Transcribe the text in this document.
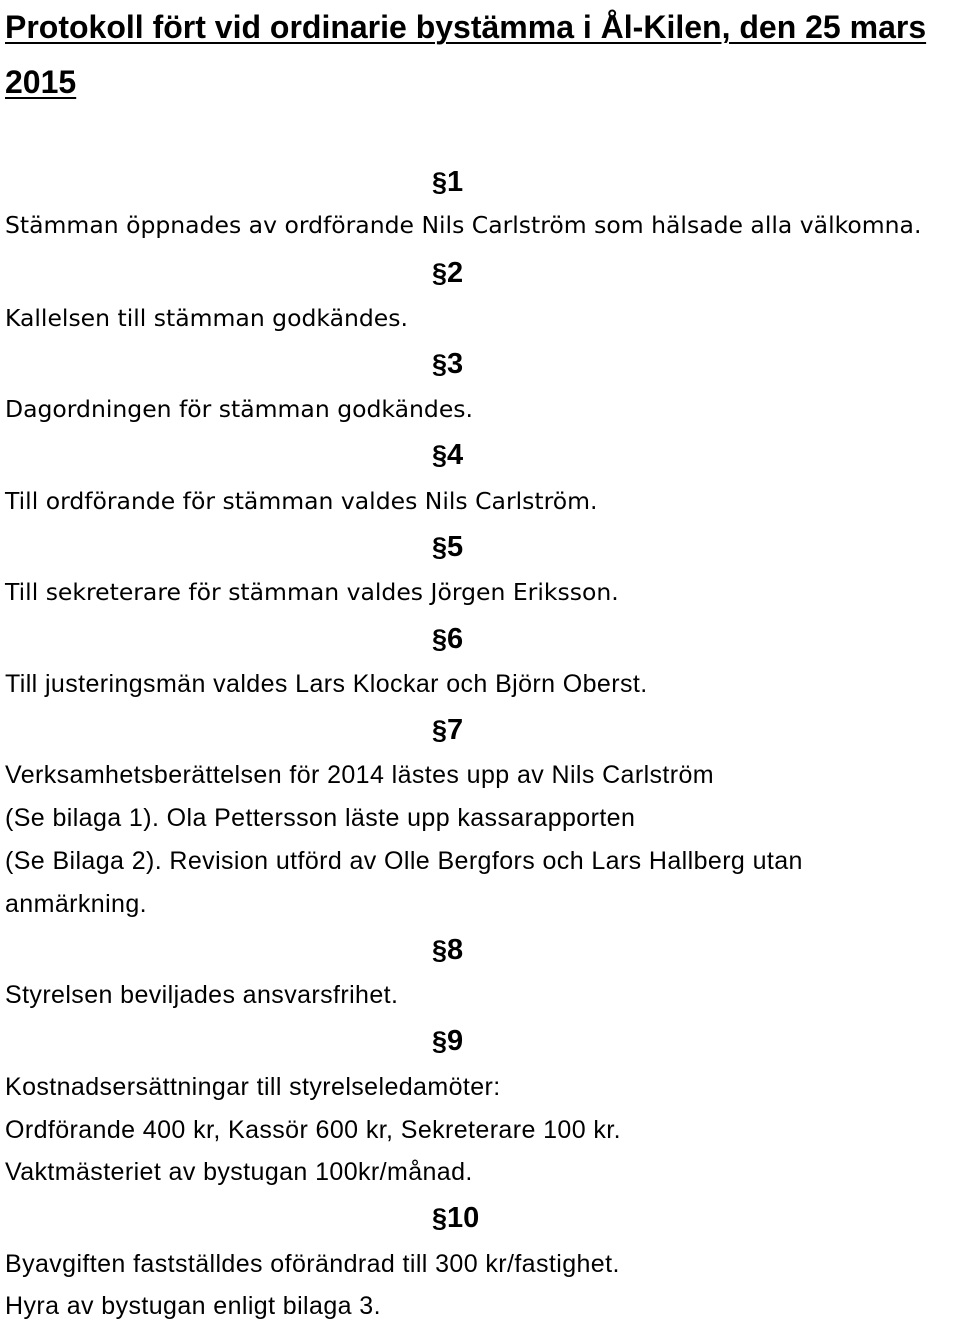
Protokoll fört vid ordinarie bystämma i Ål-Kilen, den 25 mars 2015
§1
Stämman öppnades av ordförande Nils Carlström som hälsade alla välkomna.
§2
Kallelsen till stämman godkändes.
§3
Dagordningen för stämman godkändes.
§4
Till ordförande för stämman valdes Nils Carlström.
§5
Till sekreterare för stämman valdes Jörgen Eriksson.
§6
Till justeringsmän valdes Lars Klockar och Björn Oberst.
§7
Verksamhetsberättelsen för 2014 lästes upp av Nils Carlström
(Se bilaga 1). Ola Pettersson läste upp kassarapporten
(Se Bilaga 2). Revision utförd av Olle Bergfors och Lars Hallberg utan
anmärkning.
§8
Styrelsen beviljades ansvarsfrihet.
§9
Kostnadsersättningar till styrelseledamöter:
Ordförande 400 kr, Kassör 600 kr, Sekreterare 100 kr.
Vaktmästeriet av bystugan 100kr/månad.
§10
Byavgiften fastställdes oförändrad till 300 kr/fastighet.
Hyra av bystugan enligt bilaga 3.
